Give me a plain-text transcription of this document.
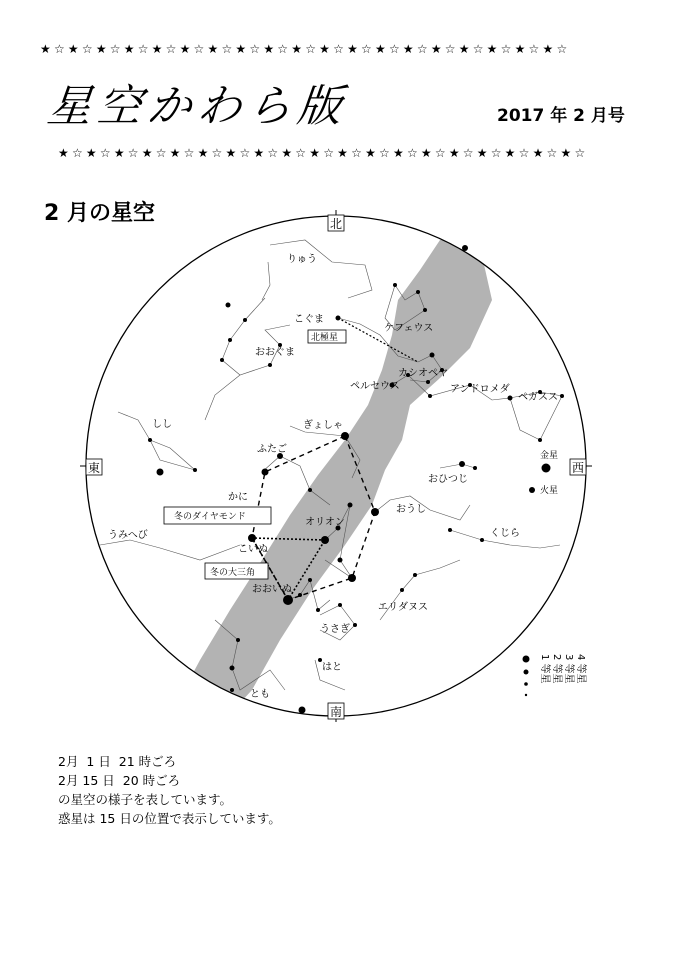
★☆★☆★☆★☆★☆★☆★☆★☆★☆★☆★☆★☆★☆★☆★☆★☆★☆★☆★☆
星空かわら版	2017 年 2 月号
★☆★☆★☆★☆★☆★☆★☆★☆★☆★☆★☆★☆★☆★☆★☆★☆★☆★☆★☆
2 月の星空	北
南
東	西
りゅう
こぐま
ケフェウス
おおぐま
カシオペヤ
ペルセウス	アンドロメダ
ペガスス
しし	ぎょしゃ
ふたご
おひつじ
かに
おうし
オリオン
くじら
うみへび
こいぬ
おおいぬ
エリダヌス
うさぎ
はと
とも
金星
火星
北極星
冬のダイヤモンド
冬の大三角
1 等星 2 等星 3 等星 4 等星
2月  1 日  21 時ごろ
2月 15 日  20 時ごろ
の星空の様子を表しています。
惑星は 15 日の位置で表示しています。
